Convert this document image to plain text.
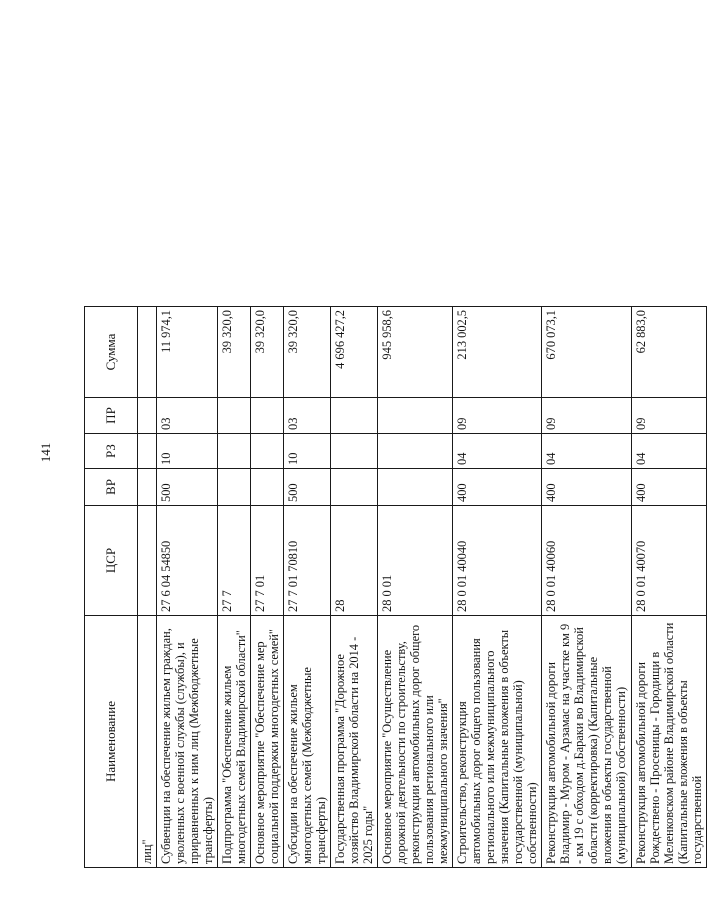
141
Наименование	ЦСР	ВР	РЗ	ПР	Сумма
лиц"					
Субвенции на обеспечение жильем граждан, уволенных с военной службы (службы), и приравненных к ним лиц (Межбюджетные трансферты)	27 6 04 54850	500	10	03	11 974,1
Подпрограмма "Обеспечение жильем многодетных семей Владимирской области"	27 7				39 320,0
Основное мероприятие "Обеспечение мер социальной поддержки многодетных семей"	27 7 01				39 320,0
Субсидии на обеспечение жильем многодетных семей (Межбюджетные трансферты)	27 7 01 70810	500	10	03	39 320,0
Государственная программа "Дорожное хозяйство Владимирской области на 2014 - 2025 годы"	28				4 696 427,2
Основное мероприятие "Осуществление дорожной деятельности по строительству, реконструкции автомобильных дорог общего пользования регионального или межмуниципального значения"	28 0 01				945 958,6
Строительство, реконструкция автомобильных дорог общего пользования регионального или межмуниципального значения (Капитальные вложения в объекты государственной (муниципальной) собственности)	28 0 01 40040	400	04	09	213 002,5
Реконструкция автомобильной дороги Владимир - Муром - Арзамас на участке км 9 - км 19 с обходом д.Бараки во Владимирской области (корректировка) (Капитальные вложения в объекты государственной (муниципальной) собственности)	28 0 01 40060	400	04	09	670 073,1
Реконструкция автомобильной дороги Рождествено - Просеницы - Городищи в Меленковском районе Владимирской области (Капитальные вложения в объекты государственной	28 0 01 40070	400	04	09	62 883,0
